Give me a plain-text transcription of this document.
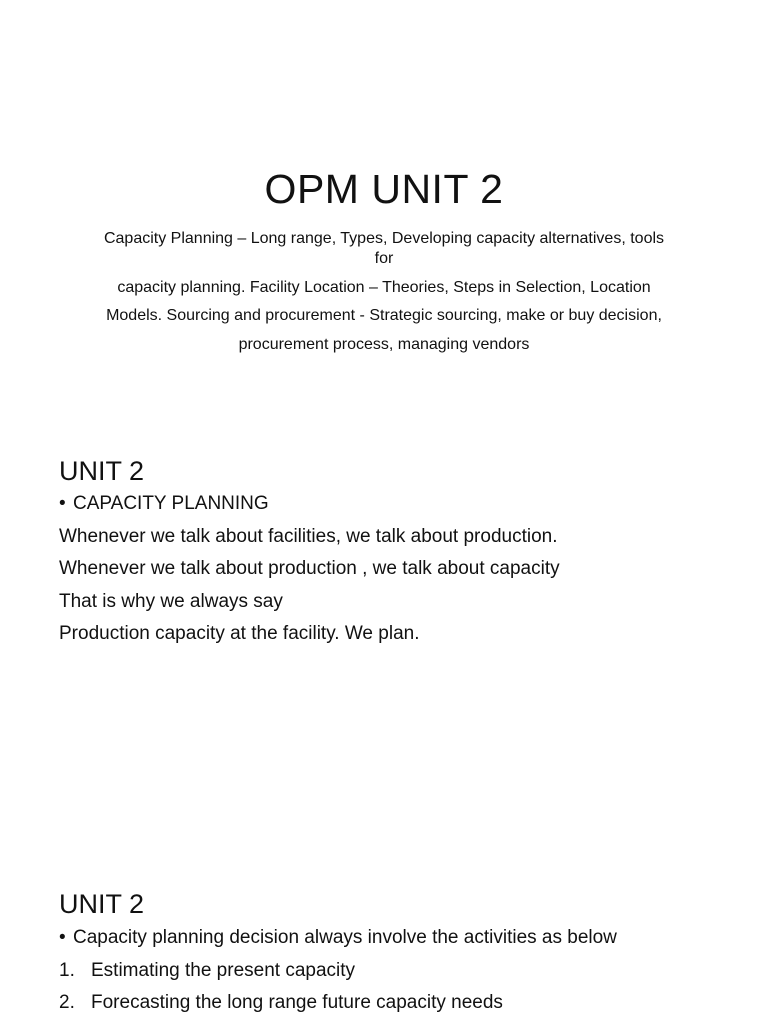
OPM UNIT 2

Capacity Planning – Long range, Types, Developing capacity alternatives, tools for

capacity planning. Facility Location – Theories, Steps in Selection, Location

Models. Sourcing and procurement - Strategic sourcing, make or buy decision,

procurement process, managing vendors

UNIT 2
• CAPACITY PLANNING
Whenever we talk about facilities, we talk about production.
Whenever we talk about production , we talk about capacity
That is why we always say
Production capacity at the facility. We plan.
UNIT 2
• Capacity planning decision always involve the activities as below
1. Estimating the present capacity
2. Forecasting the long range future capacity needs
